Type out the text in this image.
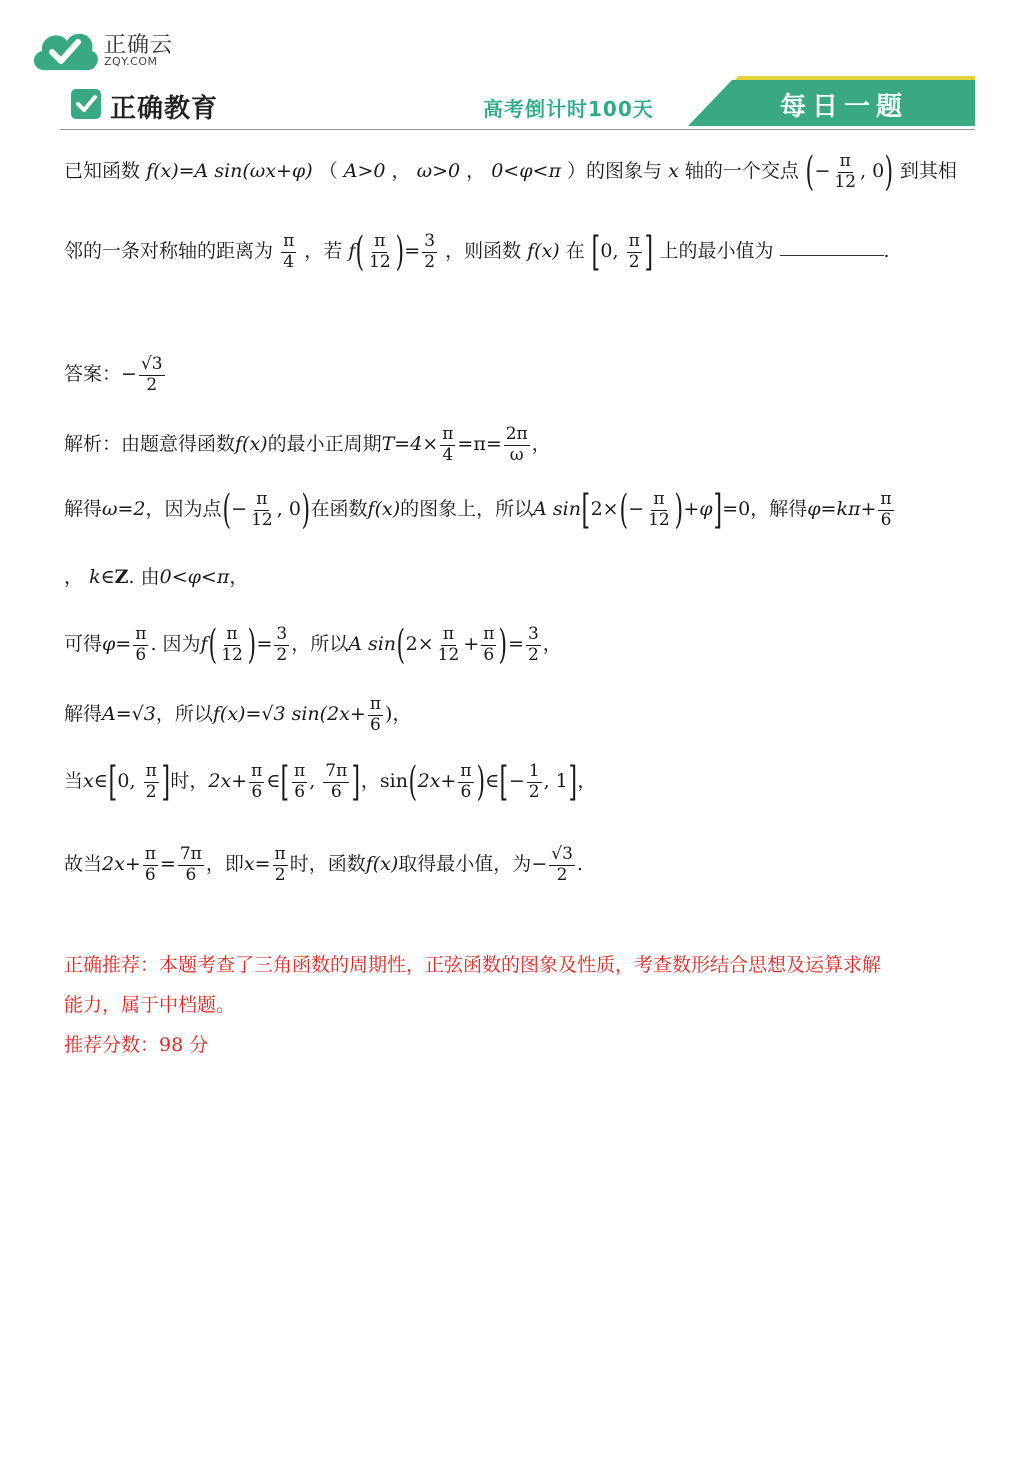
正确云
ZQY.COM
正确教育	高考倒计时100天	每日一题
已知函数 f(x)=A sin(ωx+φ) （ A>0 ， ω>0 ， 0<φ<π ）的图象与 x 轴的一个交点 (− $\frac{\pi}{12}$ , 0) 到其相
邻的一条对称轴的距离为 $\frac{\pi}{4}$ ，若 $f( \frac{\pi}{12}$ )= $\frac{3}{2}$ ，则函数 f(x) 在 [0, $\frac{\pi}{2}$ ] 上的最小值为	.
答案：− $\frac{√3}{2}$
解析：由题意得函数f(x)的最小正周期$T=4\times \frac{\pi}{4} =\pi= \frac{2\pi}{\omega}$ ，
解得ω=2，因为点(− $\frac{\pi}{12}$ , 0)在函数f(x)的图象上，所以A $\sin[2\times(- \frac{\pi}{12} )+\varphi]=0$，解得$\varphi=k\pi+ \frac{\pi}{6}$
， k∈Z. 由0<φ<π，
可得$\varphi= \frac{\pi}{6}$ . 因为$f( \frac{\pi}{12}$ )= $\frac{3}{2}$ ，所以A $\sin(2\times \frac{\pi}{12} + \frac{\pi}{6}$ )= $\frac{3}{2}$ ，
解得A=√3，所以f(x)=√3 $\sin(2x+ \frac{\pi}{6}$ )，
当x∈[0, $\frac{\pi}{2}$ ]时，$2x+ \frac{\pi}{6}$ ∈[ $\frac{\pi}{6}$ , $\frac{7\pi}{6}$ ]，$\sin(2x+ \frac{\pi}{6}$ )∈[− $\frac{1}{2}$ , 1]，
故当$2x+ \frac{\pi}{6} = \frac{7\pi}{6}$ ，即$x= \frac{\pi}{2}$ 时，函数f(x)取得最小值，为− $\frac{√3}{2}$ .
正确推荐：本题考查了三角函数的周期性，正弦函数的图象及性质，考查数形结合思想及运算求解
能力，属于中档题。
推荐分数：98 分
